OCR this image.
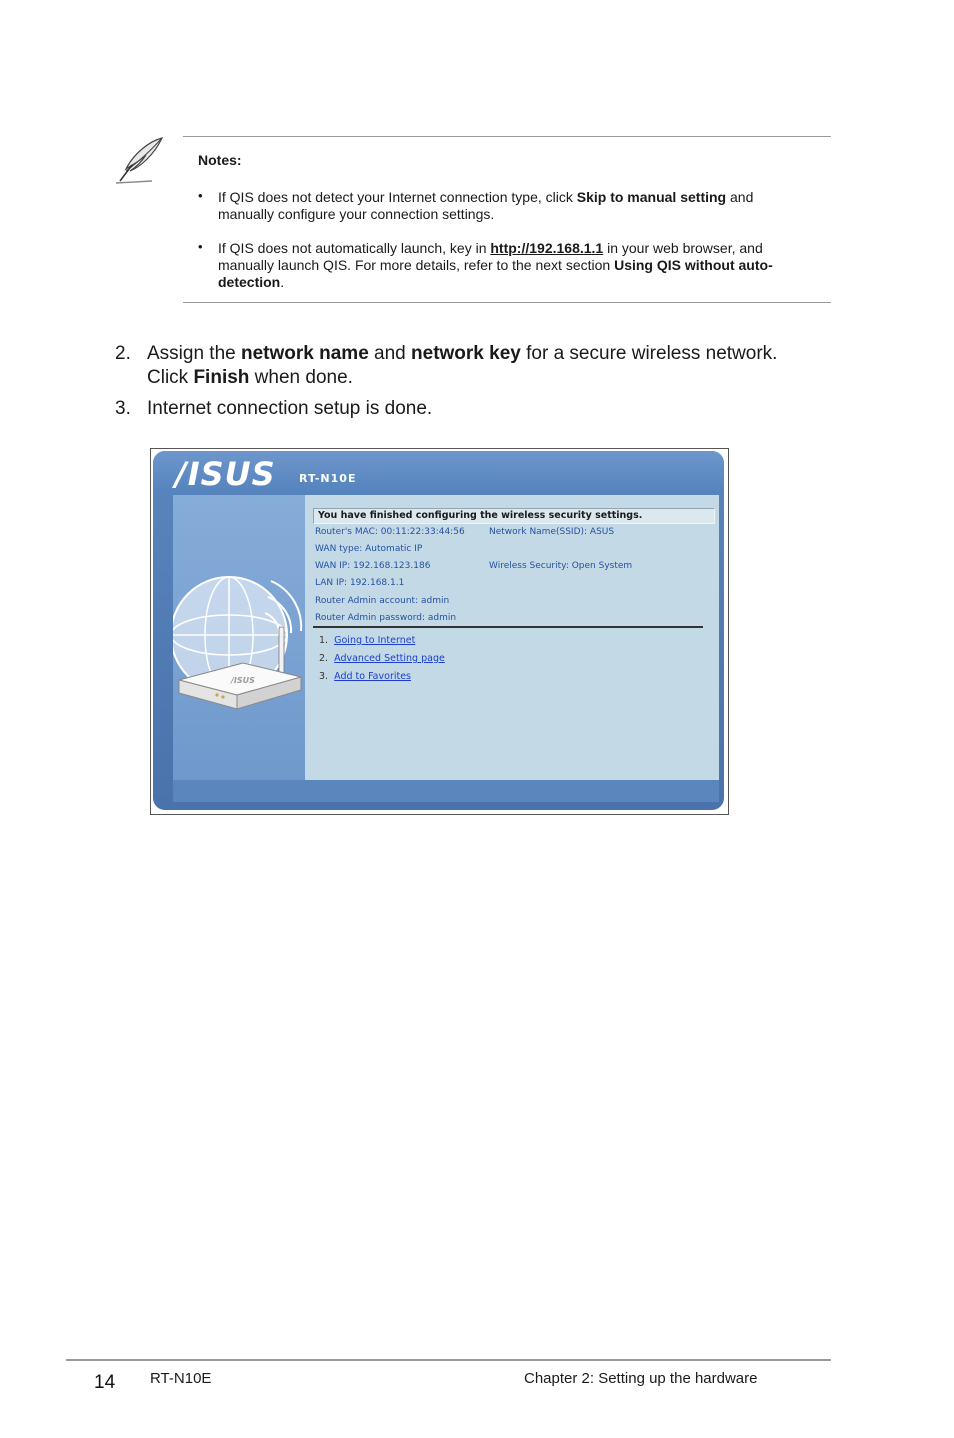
Notes:
• If QIS does not detect your Internet connection type, click Skip to manual setting and
manually configure your connection settings.
• If QIS does not automatically launch, key in http://192.168.1.1 in your web browser, and
manually launch QIS. For more details, refer to the next section Using QIS without auto-
detection.
2. Assign the network name and network key for a secure wireless network.
Click Finish when done.
3. Internet connection setup is done.
/ISUS RT-N10E
/ISUS
You have finished configuring the wireless security settings.
Router's MAC: 00:11:22:33:44:56
WAN type: Automatic IP
WAN IP: 192.168.123.186
LAN IP: 192.168.1.1
Router Admin account: admin
Router Admin password: admin
Network Name(SSID): ASUS
Wireless Security: Open System
1. Going to Internet
2. Advanced Setting page
3. Add to Favorites
14 RT-N10E	Chapter 2: Setting up the hardware
